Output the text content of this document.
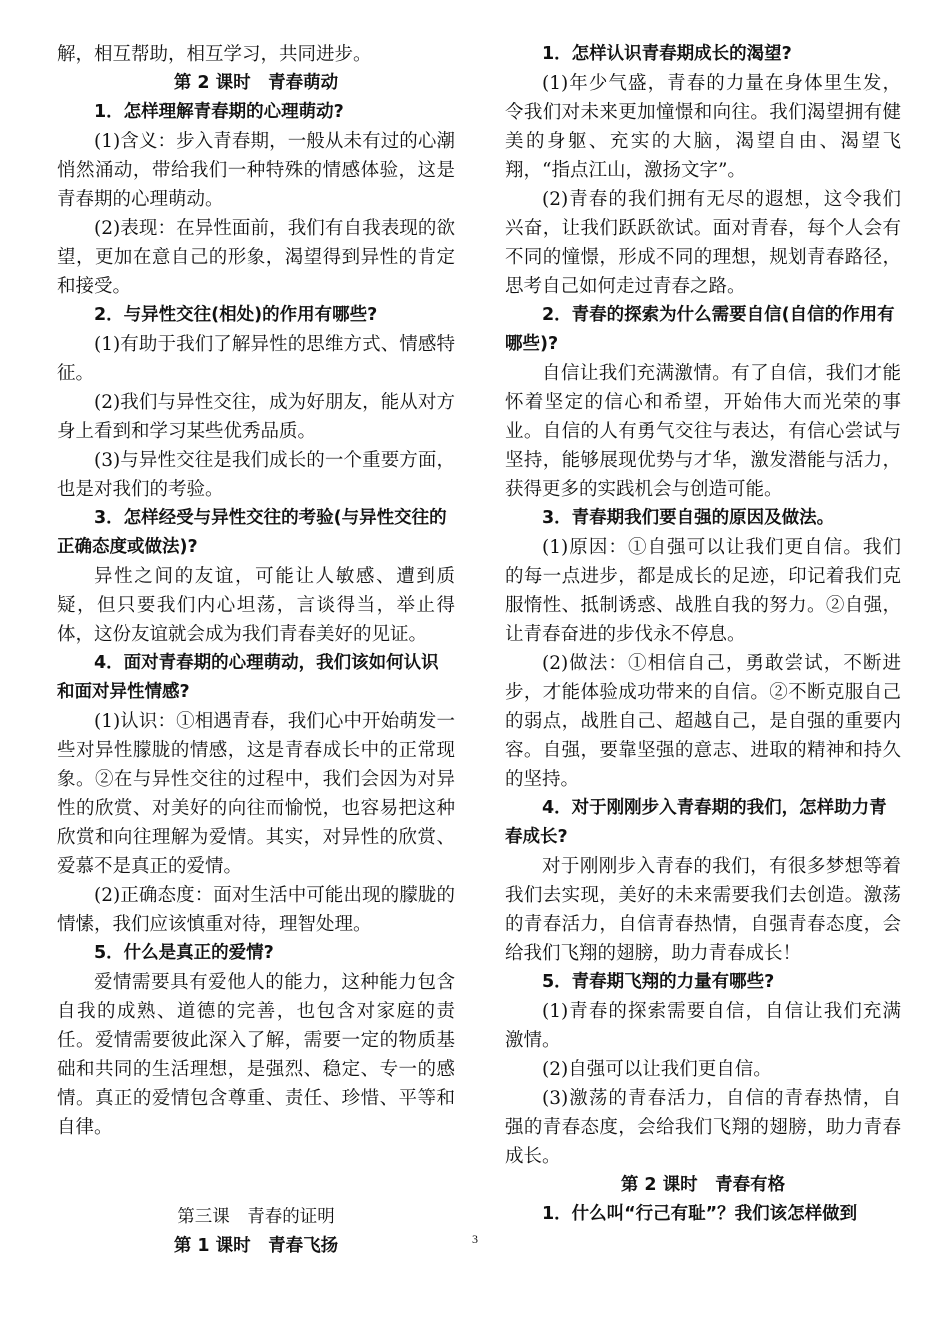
解，相互帮助，相互学习，共同进步。

第 2 课时　青春萌动

1．怎样理解青春期的心理萌动?

(1)含义：步入青春期，一般从未有过的心潮悄然涌动，带给我们一种特殊的情感体验，这是青春期的心理萌动。

(2)表现：在异性面前，我们有自我表现的欲望，更加在意自己的形象，渴望得到异性的肯定和接受。

2．与异性交往(相处)的作用有哪些?

(1)有助于我们了解异性的思维方式、情感特征。

(2)我们与异性交往，成为好朋友，能从对方身上看到和学习某些优秀品质。

(3)与异性交往是我们成长的一个重要方面，也是对我们的考验。

3．怎样经受与异性交往的考验(与异性交往的正确态度或做法)?

异性之间的友谊，可能让人敏感、遭到质疑，但只要我们内心坦荡，言谈得当，举止得体，这份友谊就会成为我们青春美好的见证。

4．面对青春期的心理萌动，我们该如何认识和面对异性情感?

(1)认识：①相遇青春，我们心中开始萌发一些对异性朦胧的情感，这是青春成长中的正常现象。②在与异性交往的过程中，我们会因为对异性的欣赏、对美好的向往而愉悦，也容易把这种欣赏和向往理解为爱情。其实，对异性的欣赏、爱慕不是真正的爱情。

(2)正确态度：面对生活中可能出现的朦胧的情愫，我们应该慎重对待，理智处理。

5．什么是真正的爱情?

爱情需要具有爱他人的能力，这种能力包含自我的成熟、道德的完善，也包含对家庭的责任。爱情需要彼此深入了解，需要一定的物质基础和共同的生活理想，是强烈、稳定、专一的感情。真正的爱情包含尊重、责任、珍惜、平等和自律。

第三课　青春的证明

第 1 课时　青春飞扬

1．怎样认识青春期成长的渴望?

(1)年少气盛，青春的力量在身体里生发，令我们对未来更加憧憬和向往。我们渴望拥有健美的身躯、充实的大脑，渴望自由、渴望飞翔，“指点江山，激扬文字”。

(2)青春的我们拥有无尽的遐想，这令我们兴奋，让我们跃跃欲试。面对青春，每个人会有不同的憧憬，形成不同的理想，规划青春路径，思考自己如何走过青春之路。

2．青春的探索为什么需要自信(自信的作用有哪些)?

自信让我们充满激情。有了自信，我们才能怀着坚定的信心和希望，开始伟大而光荣的事业。自信的人有勇气交往与表达，有信心尝试与坚持，能够展现优势与才华，激发潜能与活力，获得更多的实践机会与创造可能。

3．青春期我们要自强的原因及做法。

(1)原因：①自强可以让我们更自信。我们的每一点进步，都是成长的足迹，印记着我们克服惰性、抵制诱惑、战胜自我的努力。②自强，让青春奋进的步伐永不停息。

(2)做法：①相信自己，勇敢尝试，不断进步，才能体验成功带来的自信。②不断克服自己的弱点，战胜自己、超越自己，是自强的重要内容。自强，要靠坚强的意志、进取的精神和持久的坚持。

4．对于刚刚步入青春期的我们，怎样助力青春成长?

对于刚刚步入青春的我们，有很多梦想等着我们去实现，美好的未来需要我们去创造。激荡的青春活力，自信青春热情，自强青春态度，会给我们飞翔的翅膀，助力青春成长！

5．青春期飞翔的力量有哪些?

(1)青春的探索需要自信，自信让我们充满激情。

(2)自强可以让我们更自信。

(3)激荡的青春活力，自信的青春热情，自强的青春态度，会给我们飞翔的翅膀，助力青春成长。

第 2 课时　青春有格

1．什么叫“行己有耻”？我们该怎样做到

3
